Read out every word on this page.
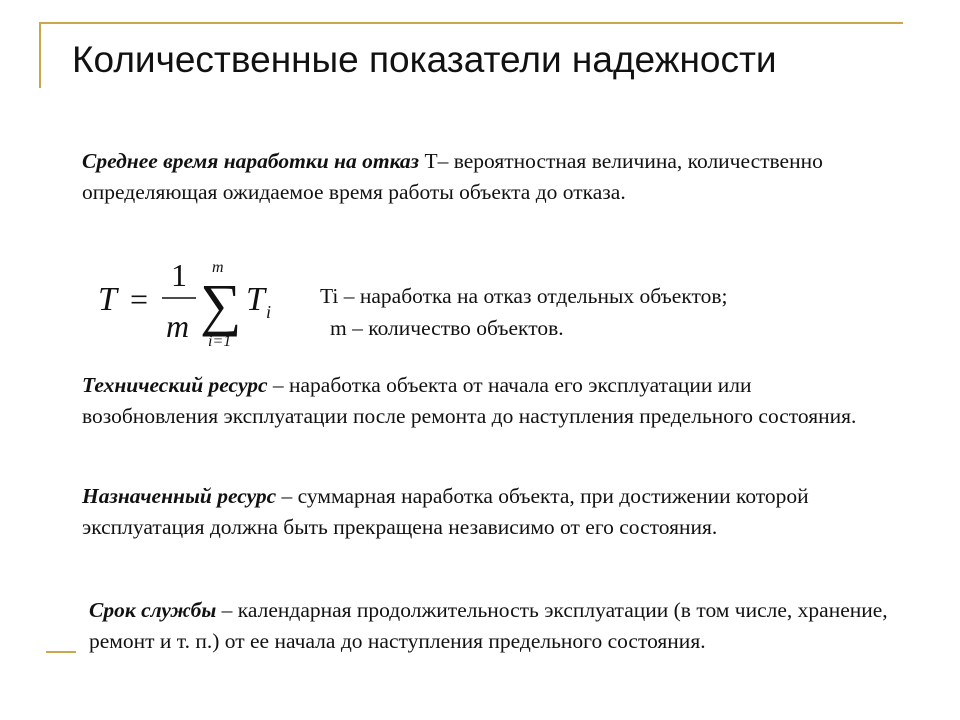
Количественные показатели надежности
Среднее время наработки на отказ Т– вероятностная величина, количественно определяющая ожидаемое время работы объекта до отказа.
T =
1
m
m
∑
i=1
T i
Ti – наработка на отказ отдельных объектов;
m – количество объектов.
Технический ресурс – наработка объекта от начала его эксплуатации или возобновления эксплуатации после ремонта до наступления предельного состояния.
Назначенный ресурс – суммарная наработка объекта, при достижении которой эксплуатация должна быть прекращена независимо от его состояния.
Срок службы – календарная продолжительность эксплуатации (в том числе, хранение, ремонт и т. п.) от ее начала до наступления предельного состояния.
